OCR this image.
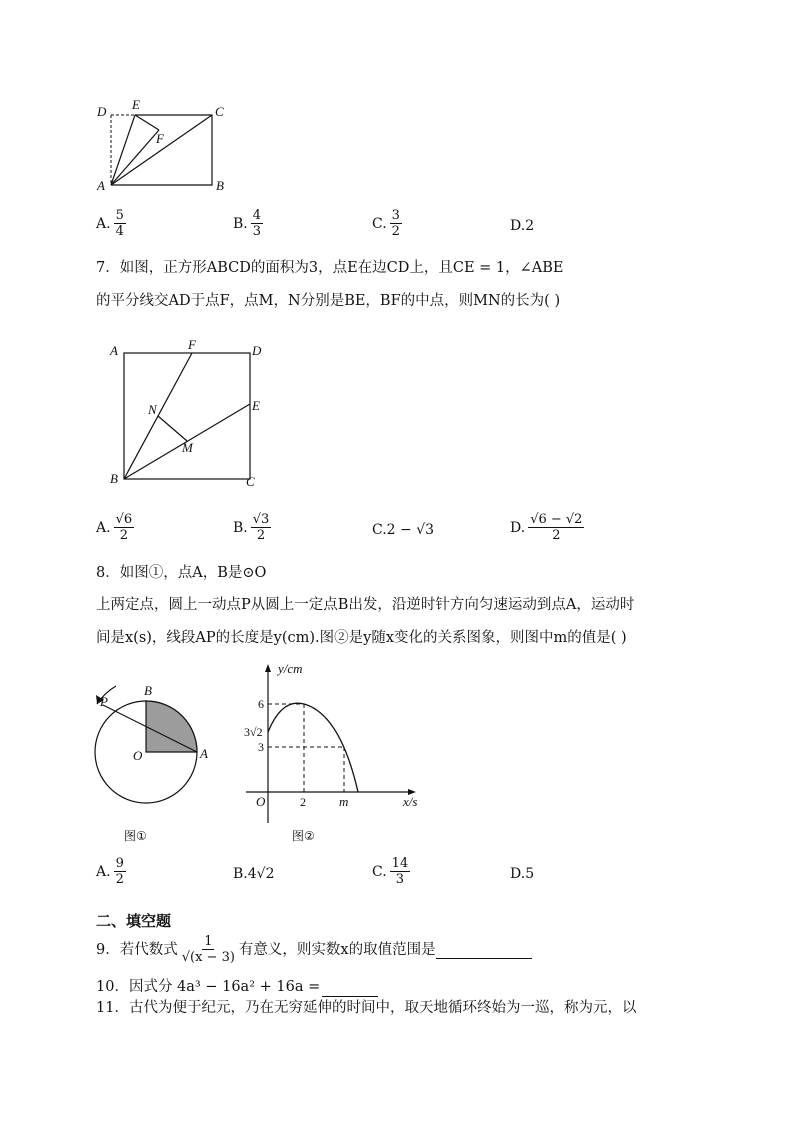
D E	C
F
A	B
A. $\frac{5}{4}$	B. $\frac{4}{3}$	C. $\frac{3}{2}$	D. 2
7．如图，正方形ABCD的面积为3，点E在边CD上，且CE = 1，∠ABE
的平分线交AD于点F，点M，N分别是BE，BF的中点，则MN的长为( )
A	F	D
E
N
M
B	C
A. $\frac{√6}{2}$	B. $\frac{√3}{2}$	C. 2 − √3	D. $\frac{√6 - √2}{2}$
8．如图①，点A，B是⊙O
上两定点，圆上一动点P从圆上一定点B出发，沿逆时针方向匀速运动到点A，运动时
间是x(s)，线段AP的长度是y(cm).图②是y随x变化的关系图象，则图中m的值是( )
P
B
O	A
图①
y/cm
x/s
O
6
3√2
3
2	m
图②
A. $\frac{9}{2}$	B. 4√2	C. $\frac{14}{3}$	D. 5
二、填空题
9．若代数式 $\frac{1}{√(x - 3)}$ 有意义，则实数x的取值范围是
10．因式分 4a³ − 16a² + 16a =
11．古代为便于纪元，乃在无穷延伸的时间中，取天地循环终始为一巡，称为元，以
